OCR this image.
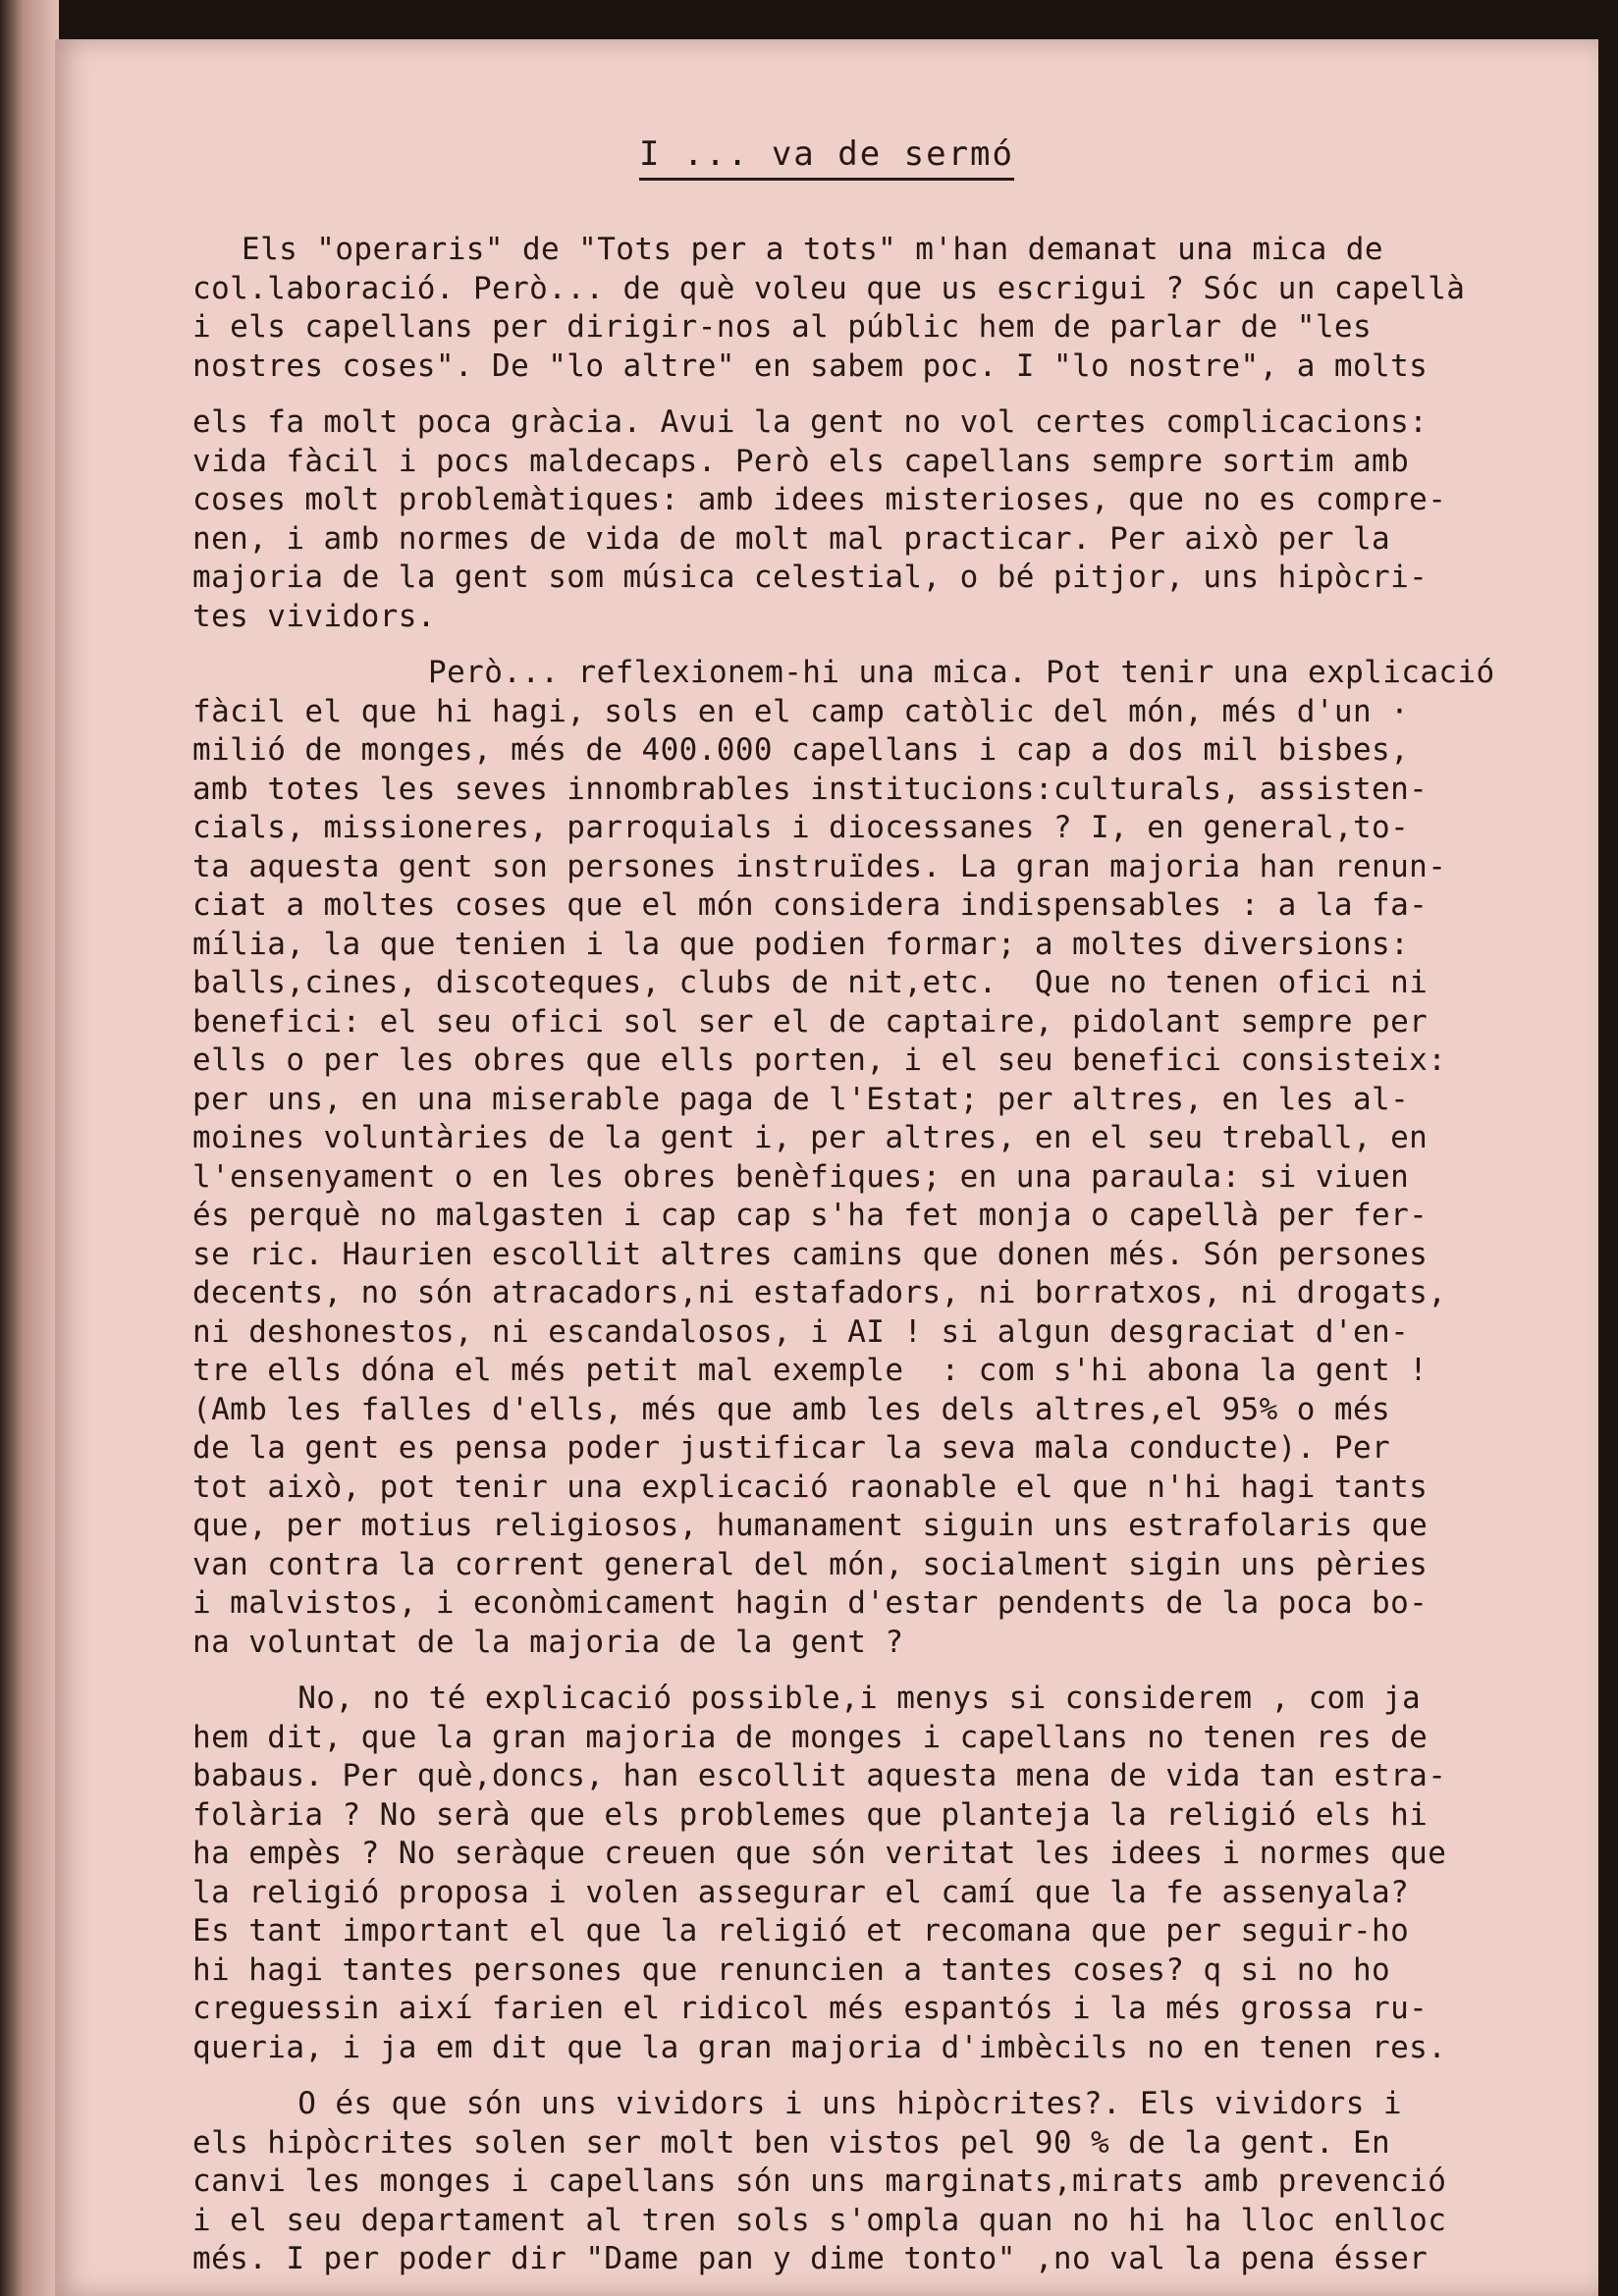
I ... va de sermó
Els "operaris" de "Tots per a tots" m'han demanat una mica de
col.laboració. Però... de què voleu que us escrigui ? Sóc un capellà
i els capellans per dirigir-nos al públic hem de parlar de "les
nostres coses". De "lo altre" en sabem poc. I "lo nostre", a molts
els fa molt poca gràcia. Avui la gent no vol certes complicacions:
vida fàcil i pocs maldecaps. Però els capellans sempre sortim amb
coses molt problemàtiques: amb idees misterioses, que no es compre-
nen, i amb normes de vida de molt mal practicar. Per això per la
majoria de la gent som música celestial, o bé pitjor, uns hipòcri-
tes vividors.
Però... reflexionem-hi una mica. Pot tenir una explicació
fàcil el que hi hagi, sols en el camp catòlic del món, més d'un ·
milió de monges, més de 400.000 capellans i cap a dos mil bisbes,
amb totes les seves innombrables institucions:culturals, assisten-
cials, missioneres, parroquials i diocessanes ? I, en general,to-
ta aquesta gent son persones instruïdes. La gran majoria han renun-
ciat a moltes coses que el món considera indispensables : a la fa-
mília, la que tenien i la que podien formar; a moltes diversions:
balls,cines, discoteques, clubs de nit,etc.  Que no tenen ofici ni
benefici: el seu ofici sol ser el de captaire, pidolant sempre per
ells o per les obres que ells porten, i el seu benefici consisteix:
per uns, en una miserable paga de l'Estat; per altres, en les al-
moines voluntàries de la gent i, per altres, en el seu treball, en
l'ensenyament o en les obres benèfiques; en una paraula: si viuen
és perquè no malgasten i cap cap s'ha fet monja o capellà per fer-
se ric. Haurien escollit altres camins que donen més. Són persones
decents, no són atracadors,ni estafadors, ni borratxos, ni drogats,
ni deshonestos, ni escandalosos, i AI ! si algun desgraciat d'en-
tre ells dóna el més petit mal exemple  : com s'hi abona la gent !
(Amb les falles d'ells, més que amb les dels altres,el 95% o més
de la gent es pensa poder justificar la seva mala conducte). Per
tot això, pot tenir una explicació raonable el que n'hi hagi tants
que, per motius religiosos, humanament siguin uns estrafolaris que
van contra la corrent general del món, socialment sigin uns pèries
i malvistos, i econòmicament hagin d'estar pendents de la poca bo-
na voluntat de la majoria de la gent ?
No, no té explicació possible,i menys si considerem , com ja
hem dit, que la gran majoria de monges i capellans no tenen res de
babaus. Per què,doncs, han escollit aquesta mena de vida tan estra-
folària ? No serà que els problemes que planteja la religió els hi
ha empès ? No seràque creuen que són veritat les idees i normes que
la religió proposa i volen assegurar el camí que la fe assenyala?
Es tant important el que la religió et recomana que per seguir-ho
hi hagi tantes persones que renuncien a tantes coses? q si no ho
creguessin així farien el ridicol més espantós i la més grossa ru-
queria, i ja em dit que la gran majoria d'imbècils no en tenen res.
O és que són uns vividors i uns hipòcrites?. Els vividors i
els hipòcrites solen ser molt ben vistos pel 90 % de la gent. En
canvi les monges i capellans són uns marginats,mirats amb prevenció
i el seu departament al tren sols s'ompla quan no hi ha lloc enlloc
més. I per poder dir "Dame pan y dime tonto" ,no val la pena ésser
